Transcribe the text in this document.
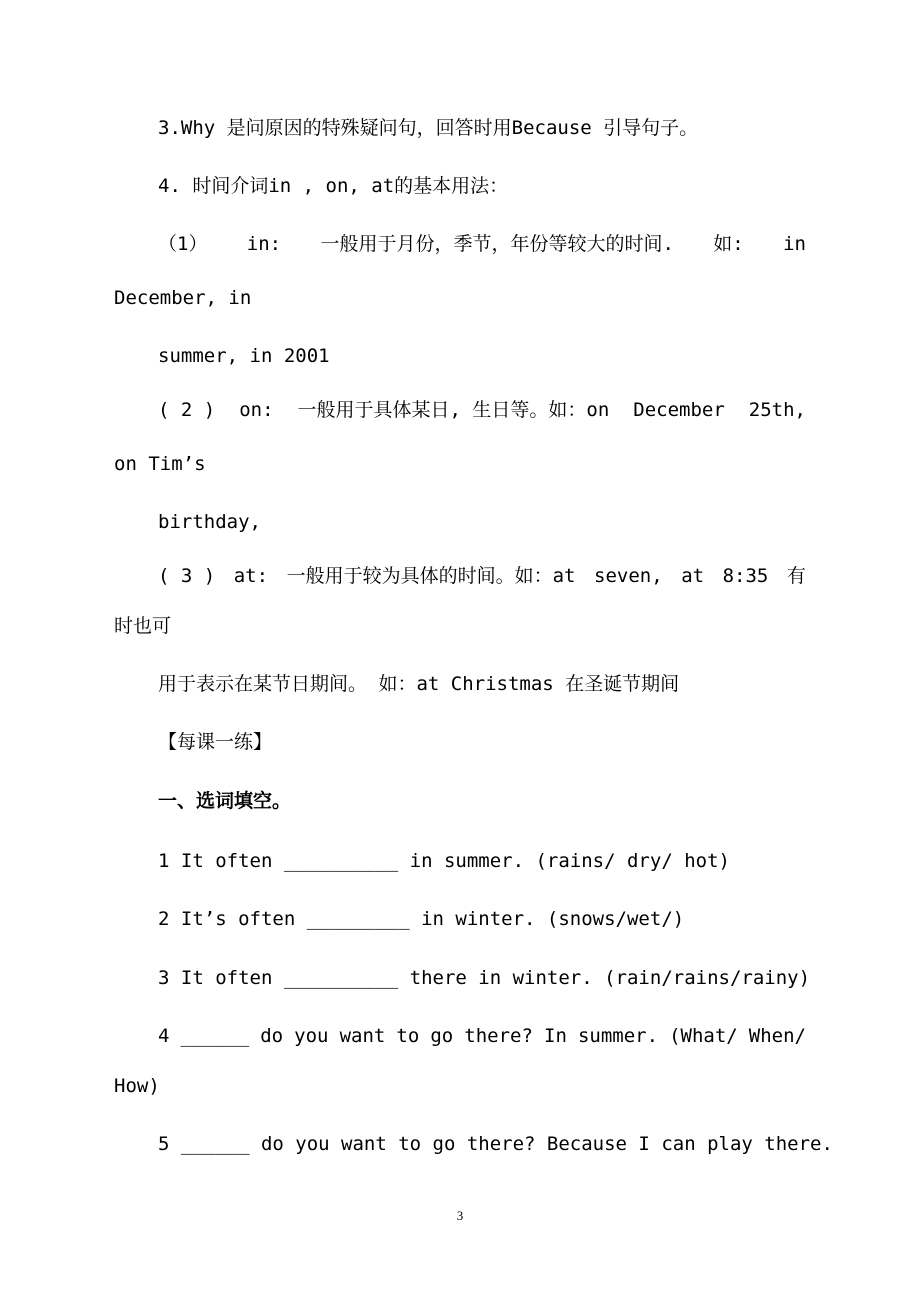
3.Why 是问原因的特殊疑问句，回答时用Because 引导句子。
4. 时间介词in , on, at的基本用法：
（1） in: 一般用于月份，季节，年份等较大的时间. 如: in
December, in
summer, in 2001
( 2 ) on: 一般用于具体某日, 生日等。如：on December 25th,
on Tim’s
birthday,
( 3 ) at: 一般用于较为具体的时间。如：at seven, at 8:35 有
时也可
用于表示在某节日期间。 如：at Christmas 在圣诞节期间
【每课一练】
一、选词填空。
1 It often __________ in summer. (rains/ dry/ hot)
2 It’s often _________ in winter. (snows/wet/)
3 It often __________ there in winter. (rain/rains/rainy)
4 ______ do you want to go there? In summer. (What/ When/
How)
5 ______ do you want to go there? Because I can play there.
3
